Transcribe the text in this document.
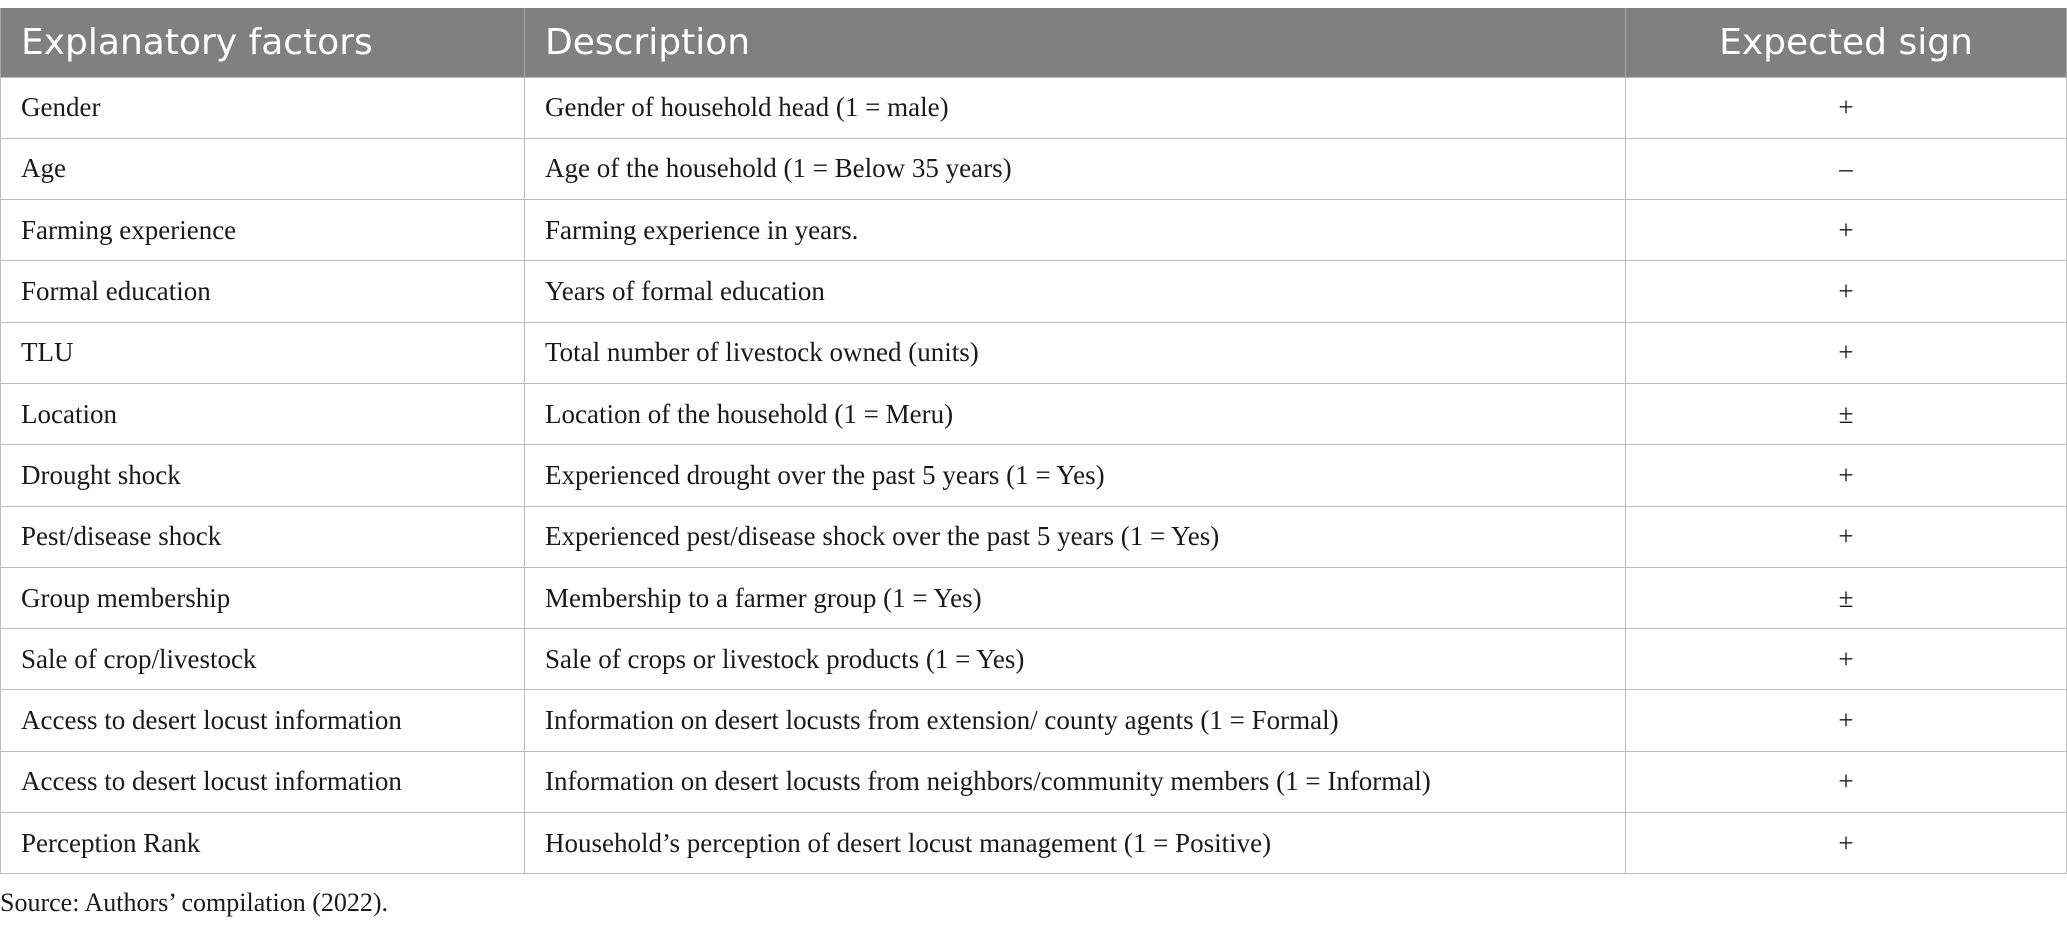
Explanatory factors	Description	Expected sign
Gender	Gender of household head (1 = male)	+
Age	Age of the household (1 = Below 35 years)	–
Farming experience	Farming experience in years.	+
Formal education	Years of formal education	+
TLU	Total number of livestock owned (units)	+
Location	Location of the household (1 = Meru)	±
Drought shock	Experienced drought over the past 5 years (1 = Yes)	+
Pest/disease shock	Experienced pest/disease shock over the past 5 years (1 = Yes)	+
Group membership	Membership to a farmer group (1 = Yes)	±
Sale of crop/livestock	Sale of crops or livestock products (1 = Yes)	+
Access to desert locust information	Information on desert locusts from extension/ county agents (1 = Formal)	+
Access to desert locust information	Information on desert locusts from neighbors/community members (1 = Informal)	+
Perception Rank	Household’s perception of desert locust management (1 = Positive)	+
Source: Authors’ compilation (2022).
